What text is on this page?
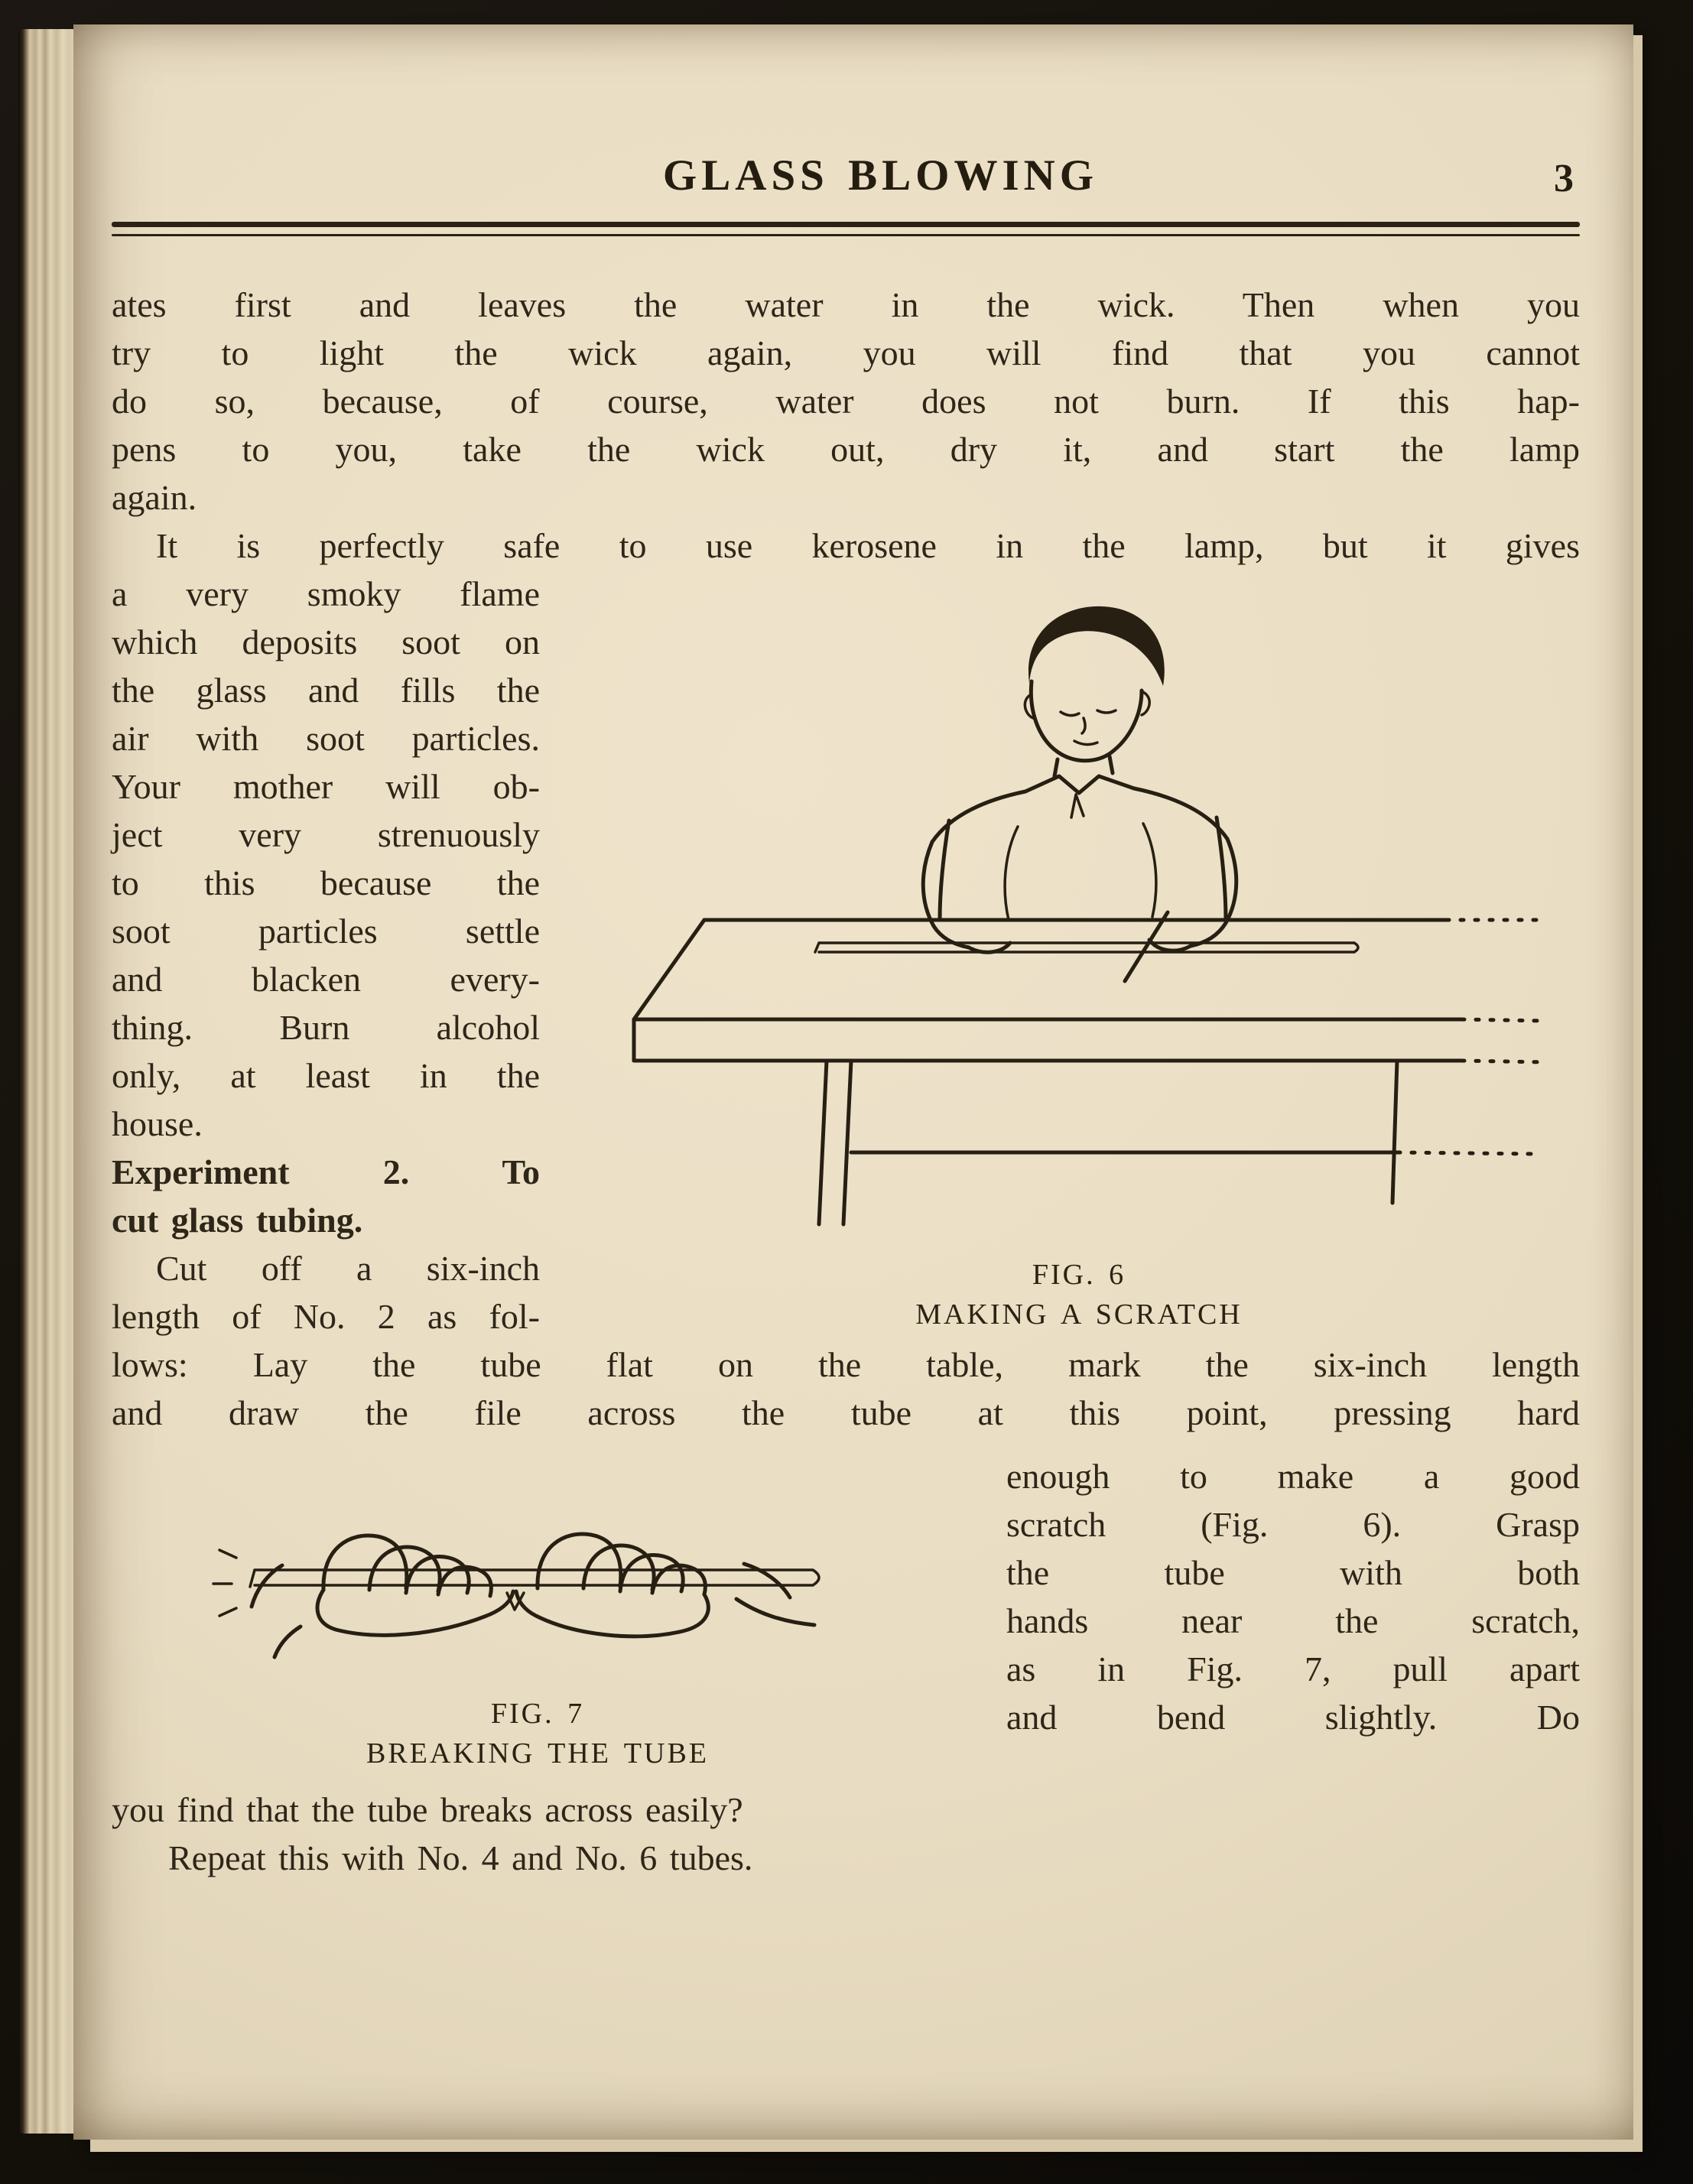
GLASS BLOWING	3

ates first and leaves the water in the wick. Then when you
try to light the wick again, you will find that you cannot
do so, because, of course, water does not burn. If this hap-
pens to you, take the wick out, dry it, and start the lamp
again.

It is perfectly safe to use kerosene in the lamp, but it gives

a very smoky flame
which deposits soot on
the glass and fills the
air with soot particles.
Your mother will ob-
ject very strenuously
to this because the
soot particles settle
and blacken every-
thing. Burn alcohol
only, at least in the
house.

Experiment 2. To
cut glass tubing.

Cut off a six-inch
length of No. 2 as fol-

FIG. 6
MAKING A SCRATCH

lows: Lay the tube flat on the table, mark the six-inch length
and draw the file across the tube at this point, pressing hard

FIG. 7
BREAKING THE TUBE

enough to make a good
scratch (Fig. 6). Grasp
the tube with both
hands near the scratch,
as in Fig. 7, pull apart
and bend slightly. Do

you find that the tube breaks across easily?

Repeat this with No. 4 and No. 6 tubes.
